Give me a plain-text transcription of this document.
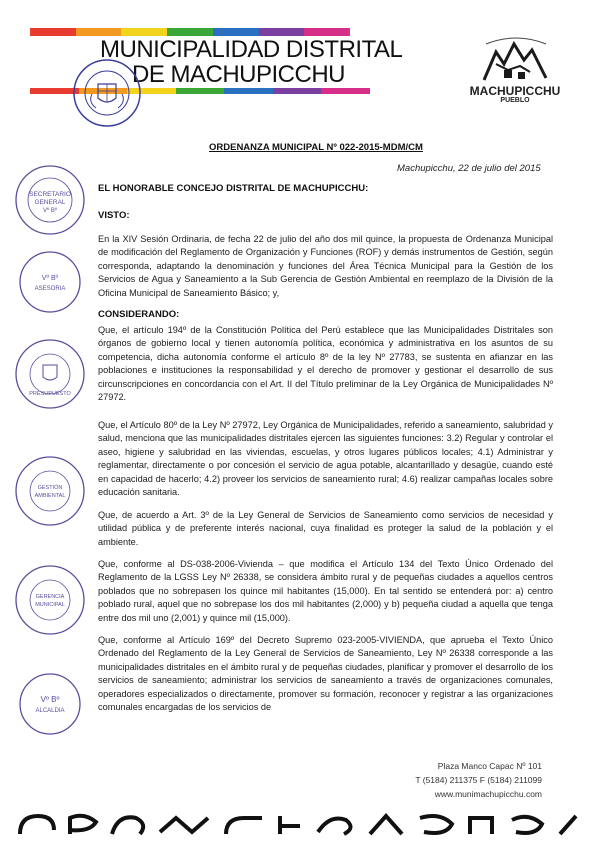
MUNICIPALIDAD DISTRITAL
DE MACHUPICCHU
MACHUPICCHU
PUEBLO
ORDENANZA MUNICIPAL Nº 022-2015-MDM/CM
Machupicchu, 22 de julio del 2015
EL HONORABLE CONCEJO DISTRITAL DE MACHUPICCHU:
VISTO:
En la XIV Sesión Ordinaria, de fecha 22 de julio del año dos mil quince, la propuesta de Ordenanza Municipal de modificación del Reglamento de Organización y Funciones (ROF) y demás instrumentos de Gestión, según corresponda, adaptando la denominación y funciones del Área Técnica Municipal para la Gestión de los Servicios de Agua y Saneamiento a la Sub Gerencia de Gestión Ambiental en reemplazo de la División de la Oficina Municipal de Saneamiento Básico; y,
CONSIDERANDO:
Que, el artículo 194º de la Constitución Política del Perú establece que las Municipalidades Distritales son órganos de gobierno local y tienen autonomía política, económica y administrativa en los asuntos de su competencia, dicha autonomía conforme el artículo 8º de la ley Nº 27783, se sustenta en afianzar en las poblaciones e instituciones la responsabilidad y el derecho de promover y gestionar el desarrollo de sus circunscripciones en concordancia con el Art. II del Título preliminar de la Ley Orgánica de Municipalidades Nº 27972.
Que, el Artículo 80º de la Ley Nº 27972, Ley Orgánica de Municipalidades, referido a saneamiento, salubridad y salud, menciona que las municipalidades distritales ejercen las siguientes funciones: 3.2) Regular y controlar el aseo, higiene y salubridad en las viviendas, escuelas, y otros lugares públicos locales; 4.1) Administrar y reglamentar, directamente o por concesión el servicio de agua potable, alcantarillado y desagüe, cuando esté en capacidad de hacerlo; 4.2) proveer los servicios de saneamiento rural; 4.6) realizar campañas locales sobre educación sanitaria.
Que, de acuerdo a Art. 3º de la Ley General de Servicios de Saneamiento como servicios de necesidad y utilidad pública y de preferente interés nacional, cuya finalidad es proteger la salud de la población y el ambiente.
Que, conforme al DS-038-2006-Vivienda – que modifica el Artículo 134 del Texto Único Ordenado del Reglamento de la LGSS Ley Nº 26338, se considera ámbito rural y de pequeñas ciudades a aquellos centros poblados que no sobrepasen los quince mil habitantes (15,000). En tal sentido se entenderá por: a) centro poblado rural, aquel que no sobrepase los dos mil habitantes (2,000) y b) pequeña ciudad a aquella que tenga entre dos mil uno (2,001) y quince mil (15,000).
Que, conforme al Artículo 169º del Decreto Supremo 023-2005-VIVIENDA, que aprueba el Texto Único Ordenado del Reglamento de la Ley General de Servicios de Saneamiento, Ley Nº 26338 corresponde a las municipalidades distritales en el ámbito rural y de pequeñas ciudades, planificar y promover el desarrollo de los servicios de saneamiento; administrar los servicios de saneamiento a través de organizaciones comunales, operadores especializados o directamente, promover su formación, reconocer y registrar a las organizaciones comunales encargadas de los servicios de
SECRETARIO
GENERAL
Vº Bº
Vº Bº
ASESORIA
PRESUPUESTO
GESTIÓN
AMBIENTAL
GERENCIA
MUNICIPAL
Vº Bº
ALCALDIA
Plaza Manco Capac Nº 101
T (5184) 211375 F (5184) 211099
www.munimachupicchu.com
